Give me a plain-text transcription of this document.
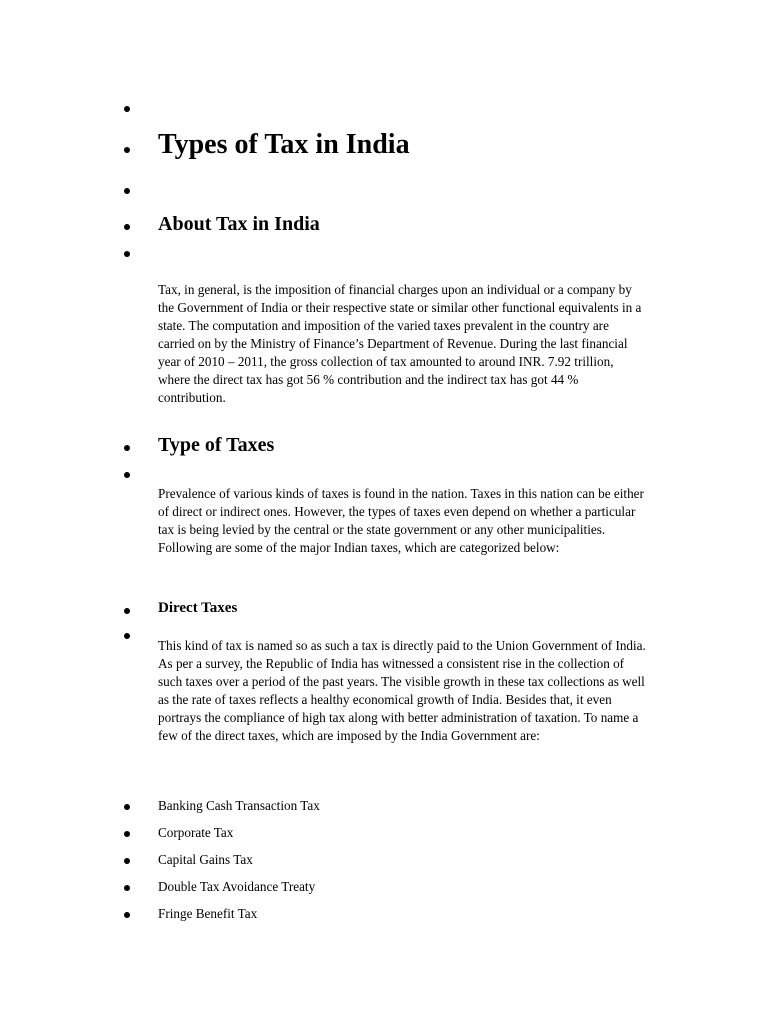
Types of Tax in India
About Tax in India
Type of Taxes
Direct Taxes

Tax, in general, is the imposition of financial charges upon an individual or a company by the Government of India or their respective state or similar other functional equivalents in a state. The computation and imposition of the varied taxes prevalent in the country are carried on by the Ministry of Finance’s Department of Revenue. During the last financial year of 2010 – 2011, the gross collection of tax amounted to around INR. 7.92 trillion, where the direct tax has got 56 % contribution and the indirect tax has got 44 % contribution.

Prevalence of various kinds of taxes is found in the nation. Taxes in this nation can be either of direct or indirect ones. However, the types of taxes even depend on whether a particular tax is being levied by the central or the state government or any other municipalities. Following are some of the major Indian taxes, which are categorized below:

This kind of tax is named so as such a tax is directly paid to the Union Government of India. As per a survey, the Republic of India has witnessed a consistent rise in the collection of such taxes over a period of the past years. The visible growth in these tax collections as well as the rate of taxes reflects a healthy economical growth of India. Besides that, it even portrays the compliance of high tax along with better administration of taxation. To name a few of the direct taxes, which are imposed by the India Government are:

Banking Cash Transaction Tax
Corporate Tax
Capital Gains Tax
Double Tax Avoidance Treaty
Fringe Benefit Tax
